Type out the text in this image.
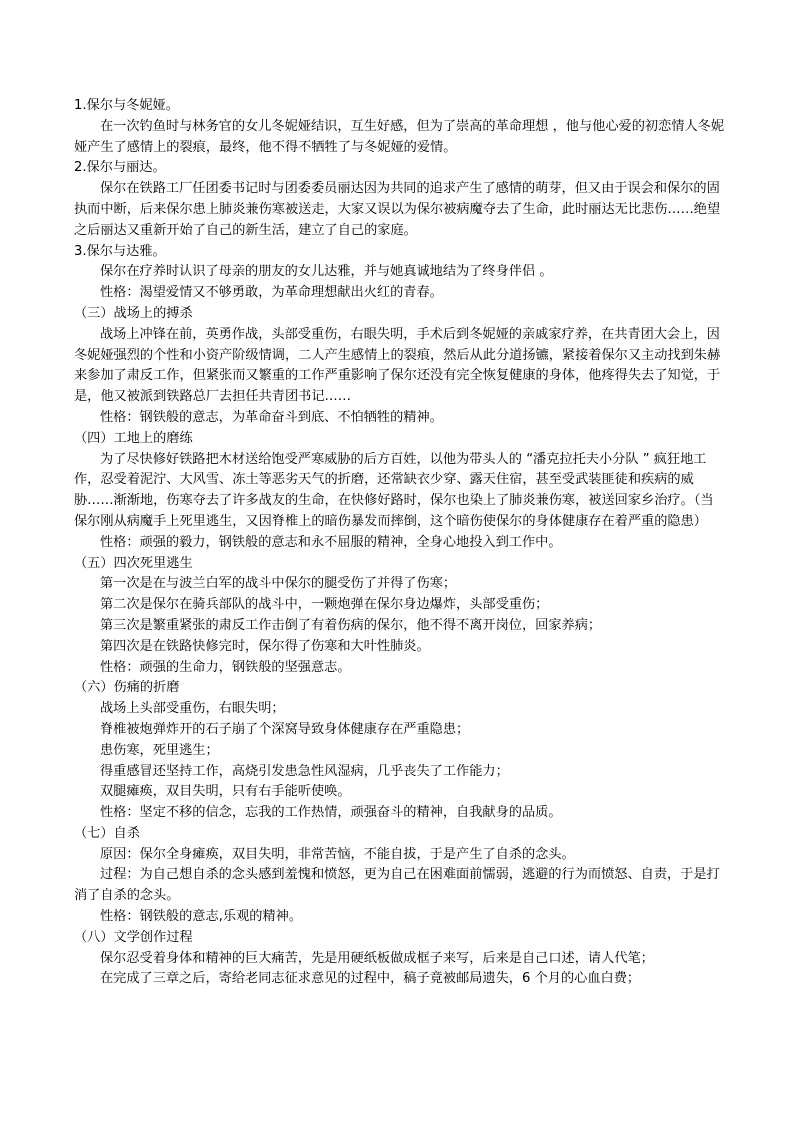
1.保尔与冬妮娅。

在一次钓鱼时与林务官的女儿冬妮娅结识，互生好感，但为了崇高的革命理想 ，他与他心爱的初恋情人冬妮娅产生了感情上的裂痕，最终，他不得不牺牲了与冬妮娅的爱情。

2.保尔与丽达。

保尔在铁路工厂任团委书记时与团委委员丽达因为共同的追求产生了感情的萌芽，但又由于误会和保尔的固执而中断，后来保尔患上肺炎兼伤寒被送走，大家又误以为保尔被病魔夺去了生命，此时丽达无比悲伤……绝望之后丽达又重新开始了自己的新生活，建立了自己的家庭。

3.保尔与达雅。

保尔在疗养时认识了母亲的朋友的女儿达雅，并与她真诚地结为了终身伴侣 。

性格：渴望爱情又不够勇敢，为革命理想献出火红的青春。

（三）战场上的搏杀

战场上冲锋在前，英勇作战，头部受重伤，右眼失明，手术后到冬妮娅的亲戚家疗养，在共青团大会上，因冬妮娅强烈的个性和小资产阶级情调，二人产生感情上的裂痕，然后从此分道扬镳，紧接着保尔又主动找到朱赫来参加了肃反工作，但紧张而又繁重的工作严重影响了保尔还没有完全恢复健康的身体，他疼得失去了知觉，于是，他又被派到铁路总厂去担任共青团书记……

性格：钢铁般的意志，为革命奋斗到底、不怕牺牲的精神。

（四）工地上的磨练

为了尽快修好铁路把木材送给饱受严寒威胁的后方百姓，以他为带头人的 “潘克拉托夫小分队 ” 疯狂地工作，忍受着泥泞、大风雪、冻土等恶劣天气的折磨，还常缺衣少穿、露天住宿，甚至受武装匪徒和疾病的威胁……渐渐地，伤寒夺去了许多战友的生命，在快修好路时，保尔也染上了肺炎兼伤寒，被送回家乡治疗。（当保尔刚从病魔手上死里逃生，又因脊椎上的暗伤暴发而摔倒，这个暗伤使保尔的身体健康存在着严重的隐患）

性格：顽强的毅力，钢铁般的意志和永不屈服的精神，全身心地投入到工作中。

（五）四次死里逃生

第一次是在与波兰白军的战斗中保尔的腿受伤了并得了伤寒；

第二次是保尔在骑兵部队的战斗中，一颗炮弹在保尔身边爆炸，头部受重伤；

第三次是繁重紧张的肃反工作击倒了有着伤病的保尔，他不得不离开岗位，回家养病；

第四次是在铁路快修完时，保尔得了伤寒和大叶性肺炎。

性格：顽强的生命力，钢铁般的坚强意志。

（六）伤痛的折磨

战场上头部受重伤，右眼失明；

脊椎被炮弹炸开的石子崩了个深窝导致身体健康存在严重隐患；

患伤寒，死里逃生；

得重感冒还坚持工作，高烧引发患急性风湿病，几乎丧失了工作能力；

双腿瘫痪，双目失明，只有右手能听使唤。

性格：坚定不移的信念，忘我的工作热情，顽强奋斗的精神，自我献身的品质。

（七）自杀

原因：保尔全身瘫痪，双目失明，非常苦恼，不能自拔，于是产生了自杀的念头。

过程：为自己想自杀的念头感到羞愧和愤怒，更为自己在困难面前懦弱，逃避的行为而愤怒、自责，于是打消了自杀的念头。

性格：钢铁般的意志,乐观的精神。

（八）文学创作过程

保尔忍受着身体和精神的巨大痛苦，先是用硬纸板做成框子来写，后来是自己口述，请人代笔；

在完成了三章之后，寄给老同志征求意见的过程中，稿子竟被邮局遗失，6 个月的心血白费；
